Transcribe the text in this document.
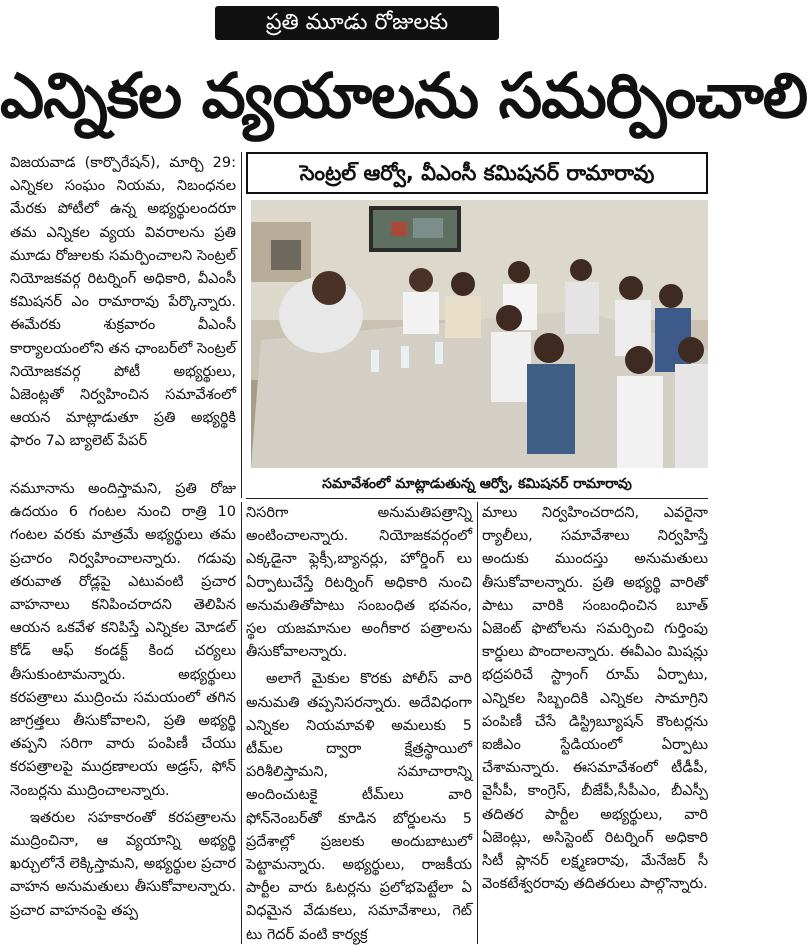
ప్రతి మూడు రోజులకు
ఎన్నికల వ్యయాలను సమర్పించాలి

విజయవాడ (కార్పొరేషన్), మార్చి 29: ఎన్నికల సంఘం నియమ, నిబంధనల మేరకు పోటీలో ఉన్న అభ్యర్థులందరూ తమ ఎన్నికల వ్యయ వివరాలను ప్రతి మూడు రోజులకు సమర్పించాలని సెంట్రల్ నియోజకవర్గ రిటర్నింగ్ అధికారి, వీఎంసీ కమిషనర్ ఎం రామారావు పేర్కొన్నారు. ఈమేరకు శుక్రవారం వీఎంసీ కార్యాలయంలోని తన ఛాంబర్‌లో సెంట్రల్ నియోజకవర్గ పోటీ అభ్యర్థులు, ఏజెంట్లతో నిర్వహించిన సమావేశంలో ఆయన మాట్లాడుతూ ప్రతి అభ్యర్థికి ఫారం 7ఎ బ్యాలెట్ పేపర్

సెంట్రల్ ఆర్వో, వీఎంసీ కమిషనర్ రామారావు
సమావేశంలో మాట్లాడుతున్న ఆర్వో, కమిషనర్ రామారావు

నమూనాను అందిస్తామని, ప్రతి రోజు ఉదయం 6 గంటల నుంచి రాత్రి 10 గంటల వరకు మాత్రమే అభ్యర్థులు తమ ప్రచారం నిర్వహించాలన్నారు. గడువు తరువాత రోడ్లపై ఎటువంటి ప్రచార వాహనాలు కనిపించరాదని తెలిపిన ఆయన ఒకవేళ కనిపిస్తే ఎన్నికల మోడల్ కోడ్ ఆఫ్ కండక్ట్ కింద చర్యలు తీసుకుంటామన్నారు. అభ్యర్థులు కరపత్రాలు ముద్రించు సమయంలో తగిన జాగ్రత్తలు తీసుకోవాలని, ప్రతి అభ్యర్థి తప్పని సరిగా వారు పంపిణీ చేయు కరపత్రాలపై ముద్రణాలయ అడ్రస్, ఫోన్ నెంబర్లను ముద్రించాలన్నారు.

ఇతరుల సహకారంతో కరపత్రాలను ముద్రించినా, ఆ వ్యయాన్ని అభ్యర్థి ఖర్చులోనే లెక్కిస్తామని, అభ్యర్థుల ప్రచార వాహన అనుమతులు తీసుకోవాలన్నారు. ప్రచార వాహనంపై తప్ప

నిసరిగా అనుమతిపత్రాన్ని అంటించాలన్నారు. నియోజకవర్గంలో ఎక్కడైనా ఫ్లెక్సీ,బ్యానర్లు, హోర్డింగ్ లు ఏర్పాటుచేస్తే రిటర్నింగ్ అధికారి నుంచి అనుమతితోపాటు సంబంధిత భవనం, స్థల యజమానుల అంగీకార పత్రాలను తీసుకోవాలన్నారు.

అలాగే మైకుల కొరకు పోలీస్ వారి అనుమతి తప్పనిసరన్నారు. అదేవిధంగా ఎన్నికల నియమావళి అమలుకు 5 టీమ్‌ల ద్వారా క్షేత్రస్థాయిలో పరిశీలిస్తామని, సమాచారాన్ని అందించుటకై టీమ్‌లు వారి ఫోన్‌నెంబర్‌తో కూడిన బోర్డులను 5 ప్రదేశాల్లో ప్రజలకు అందుబాటులో పెట్టామన్నారు. అభ్యర్థులు, రాజకీయ పార్టీల వారు ఓటర్లను ప్రలోభపెట్టేలా ఏ విధమైన వేడుకలు, సమావేశాలు, గెట్ టు గెదర్ వంటి కార్యక్ర

మాలు నిర్వహించరాదని, ఎవరైనా ర్యాలీలు, సమావేశాలు నిర్వహిస్తే అందుకు ముందస్తు అనుమతులు తీసుకోవాలన్నారు. ప్రతి అభ్యర్థి వారితో పాటు వారికి సంబంధించిన బూత్ ఏజెంట్ ఫొటోలను సమర్పించి గుర్తింపు కార్డులు పొందాలన్నారు. ఈవీఎం మిషన్లు భద్రపరిచే స్ట్రాంగ్ రూమ్ ఏర్పాటు, ఎన్నికల సిబ్బందికి ఎన్నికల సామాగ్రిని పంపిణీ చేసే డిస్ట్రిబ్యూషన్ కౌంటర్లను ఐజీఎం స్టేడియంలో ఏర్పాటు చేశామన్నారు. ఈసమావేశంలో టీడీపీ, వైసీపీ, కాంగ్రెస్, బీజేపీ,సీపీఎం, బీఎస్పీ తదితర పార్టీల అభ్యర్థులు, వారి ఏజెంట్లు, అసిస్టెంట్ రిటర్నింగ్ అధికారి సిటీ ప్లానర్ లక్ష్మణరావు, మేనేజర్ సీ వెంకటేశ్వరరావు తదితరులు పాల్గొన్నారు.
